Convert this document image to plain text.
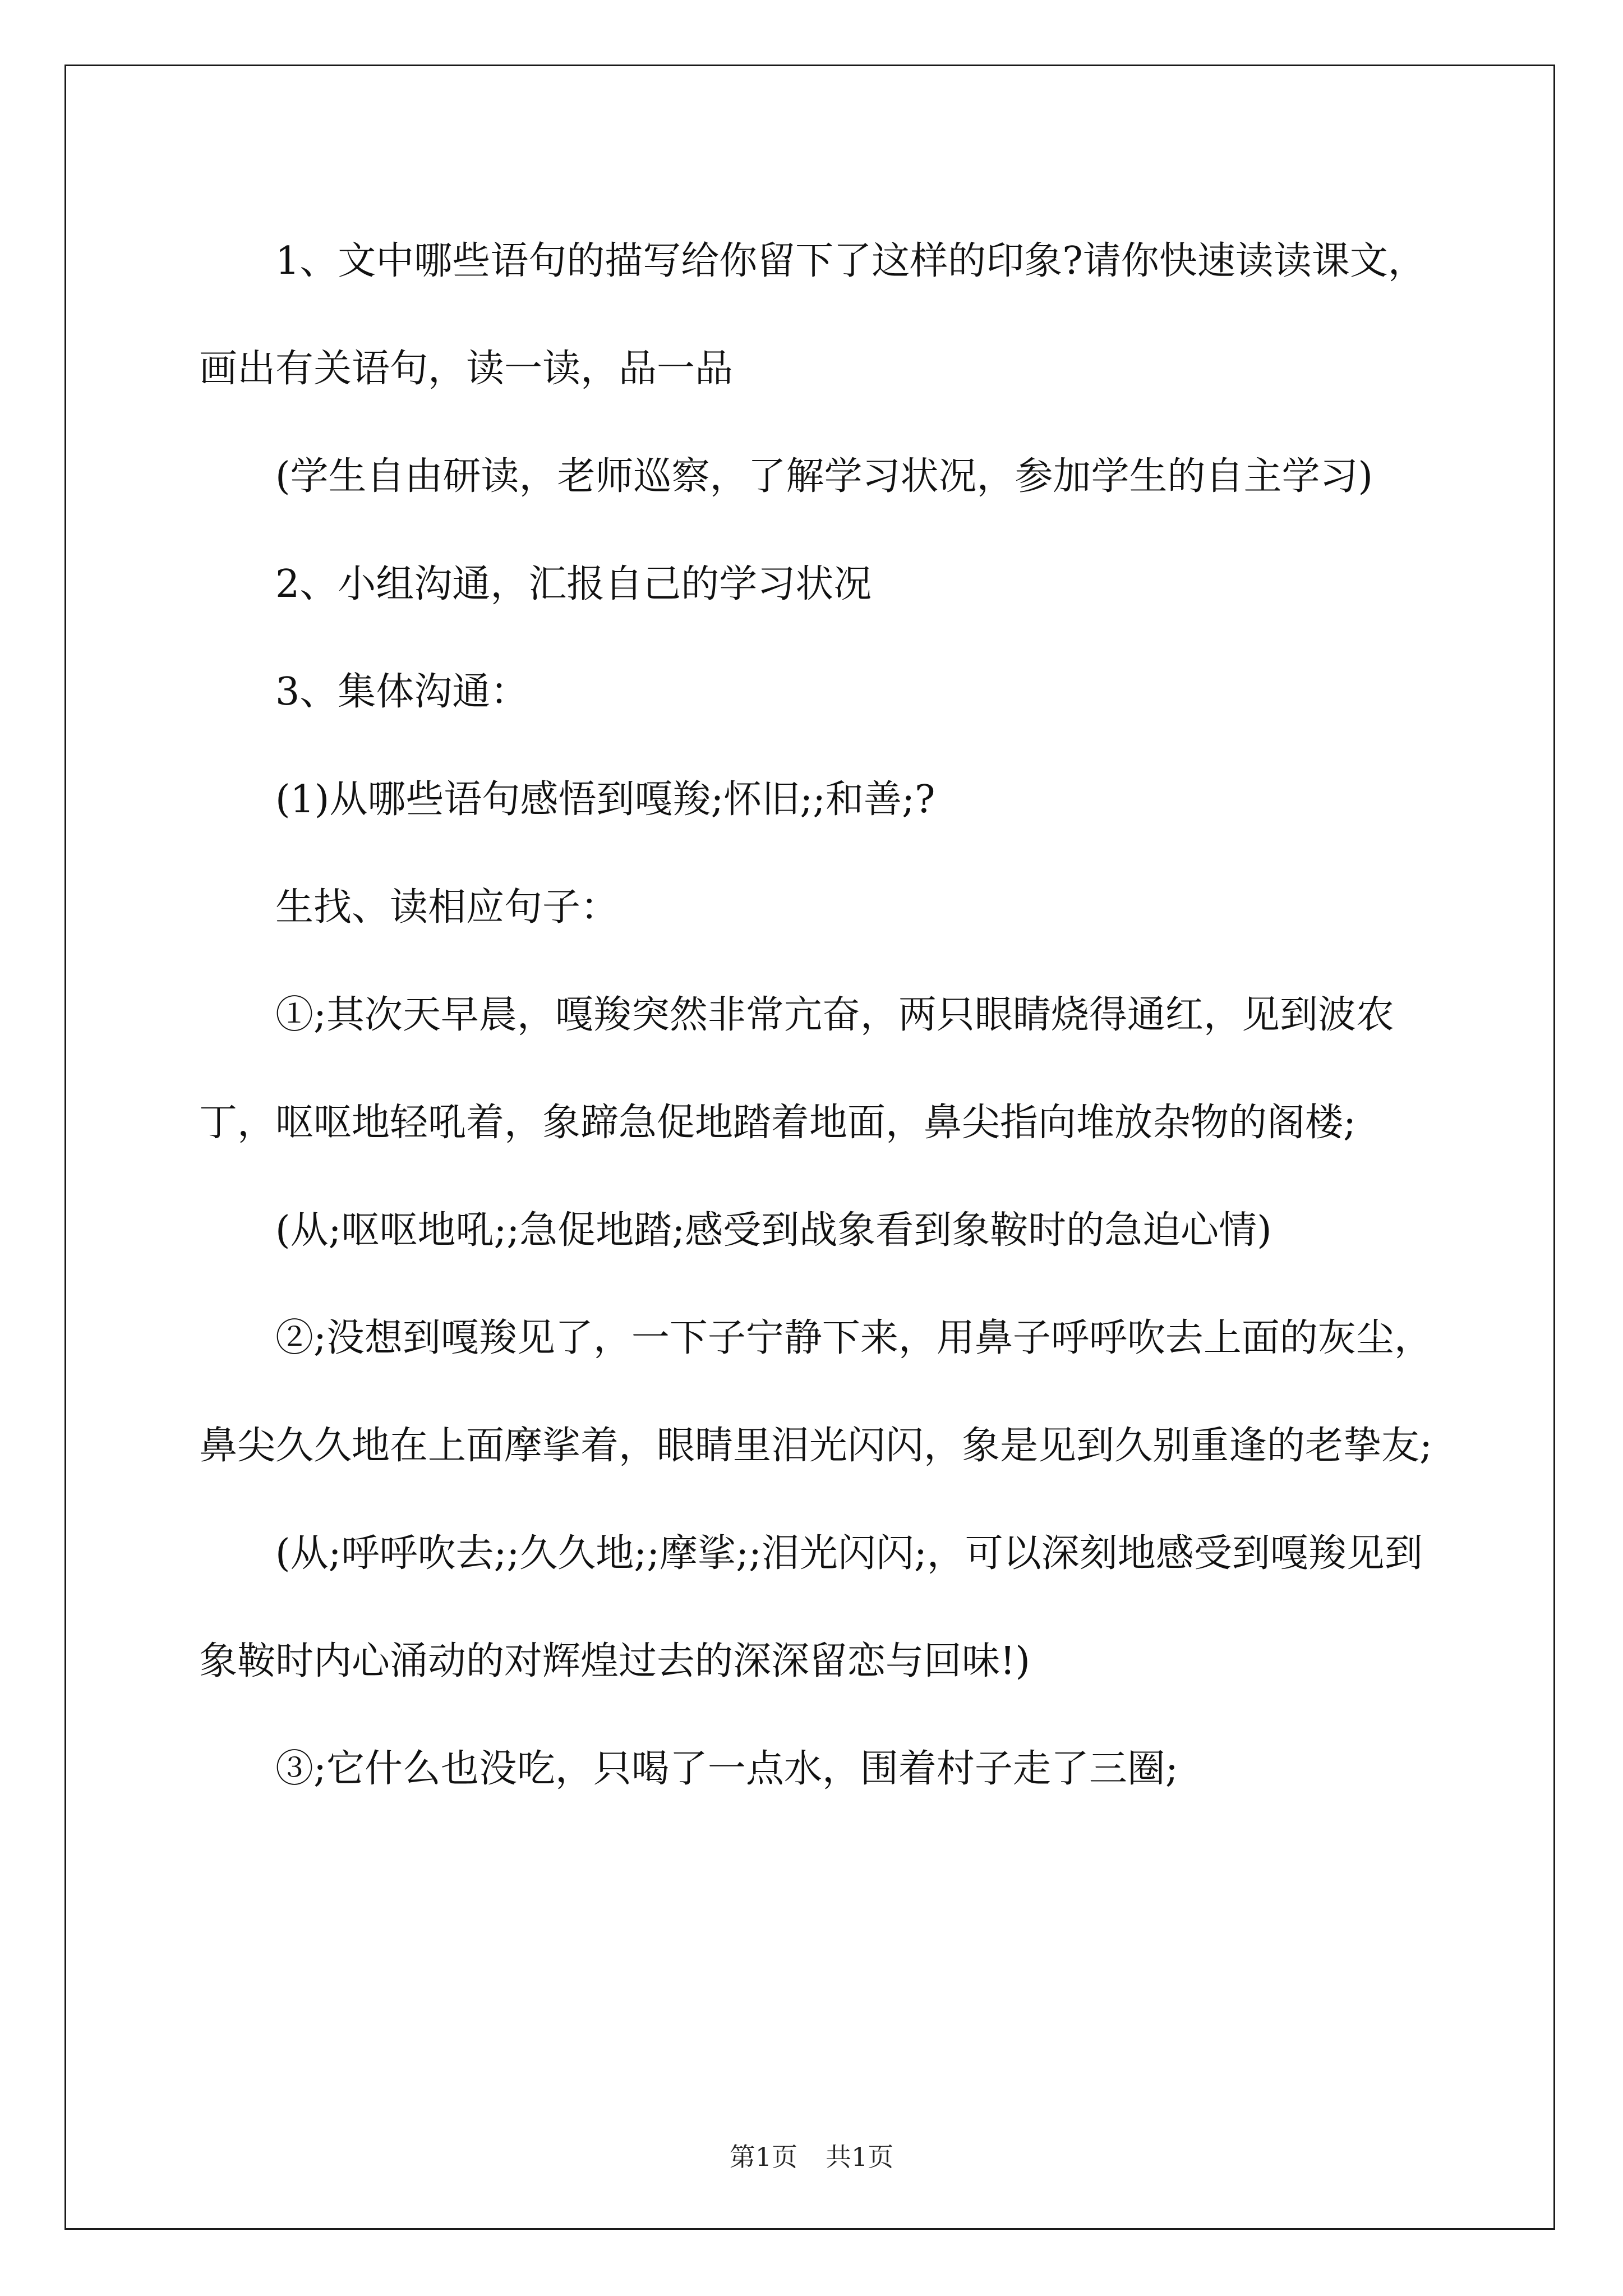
1、文中哪些语句的描写给你留下了这样的印象?请你快速读读课文，画出有关语句，读一读，品一品

(学生自由研读，老师巡察，了解学习状况，参加学生的自主学习)

2、小组沟通，汇报自己的学习状况

3、集体沟通：

(1)从哪些语句感悟到嘎羧;怀旧;;和善;?

生找、读相应句子：

①;其次天早晨，嘎羧突然非常亢奋，两只眼睛烧得通红，见到波农丁，呕呕地轻吼着，象蹄急促地踏着地面，鼻尖指向堆放杂物的阁楼;

(从;呕呕地吼;;急促地踏;感受到战象看到象鞍时的急迫心情)

②;没想到嘎羧见了，一下子宁静下来，用鼻子呼呼吹去上面的灰尘，鼻尖久久地在上面摩挲着，眼睛里泪光闪闪，象是见到久别重逢的老挚友;

(从;呼呼吹去;;久久地;;摩挲;;泪光闪闪;，可以深刻地感受到嘎羧见到象鞍时内心涌动的对辉煌过去的深深留恋与回味!)

③;它什么也没吃，只喝了一点水，围着村子走了三圈;

第1页 共1页
